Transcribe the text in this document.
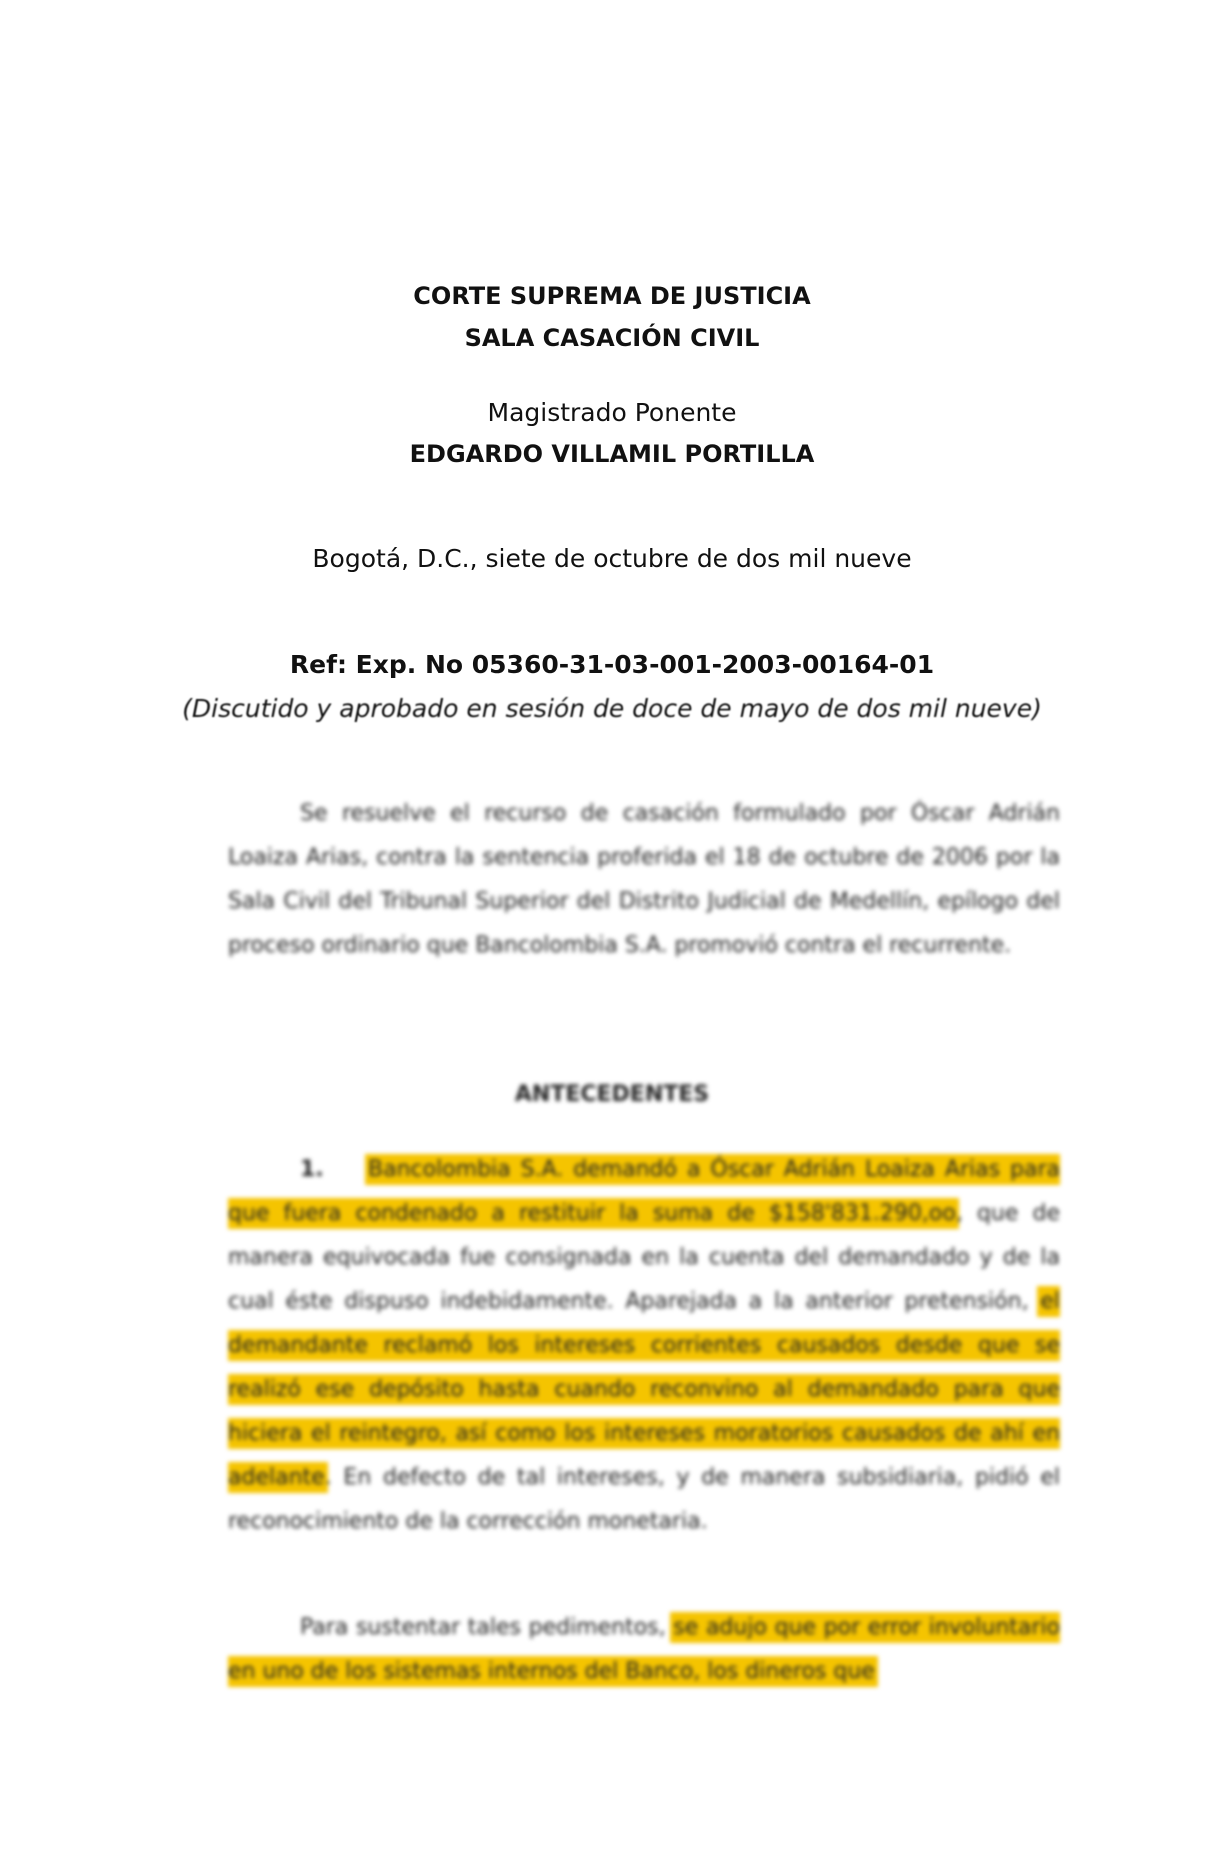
CORTE SUPREMA DE JUSTICIA
SALA CASACIÓN CIVIL
Magistrado Ponente
EDGARDO VILLAMIL PORTILLA
Bogotá, D.C., siete de octubre de dos mil nueve
Ref: Exp. No 05360-31-03-001-2003-00164-01
(Discutido y aprobado en sesión de doce de mayo de dos mil nueve)
Se resuelve el recurso de casación formulado por Óscar Adrián Loaiza Arias, contra la sentencia proferida el 18 de octubre de 2006 por la Sala Civil del Tribunal Superior del Distrito Judicial de Medellín, epílogo del proceso ordinario que Bancolombia S.A. promovió contra el recurrente.
ANTECEDENTES
1. Bancolombia S.A. demandó a Óscar Adrián Loaiza Arias para que fuera condenado a restituir la suma de $158'831.290,oo, que de manera equivocada fue consignada en la cuenta del demandado y de la cual éste dispuso indebidamente. Aparejada a la anterior pretensión, el demandante reclamó los intereses corrientes causados desde que se realizó ese depósito hasta cuando reconvino al demandado para que hiciera el reintegro, así como los intereses moratorios causados de ahí en adelante. En defecto de tal intereses, y de manera subsidiaria, pidió el reconocimiento de la corrección monetaria.
Para sustentar tales pedimentos, se adujo que por error involuntario en uno de los sistemas internos del Banco, los dineros que
